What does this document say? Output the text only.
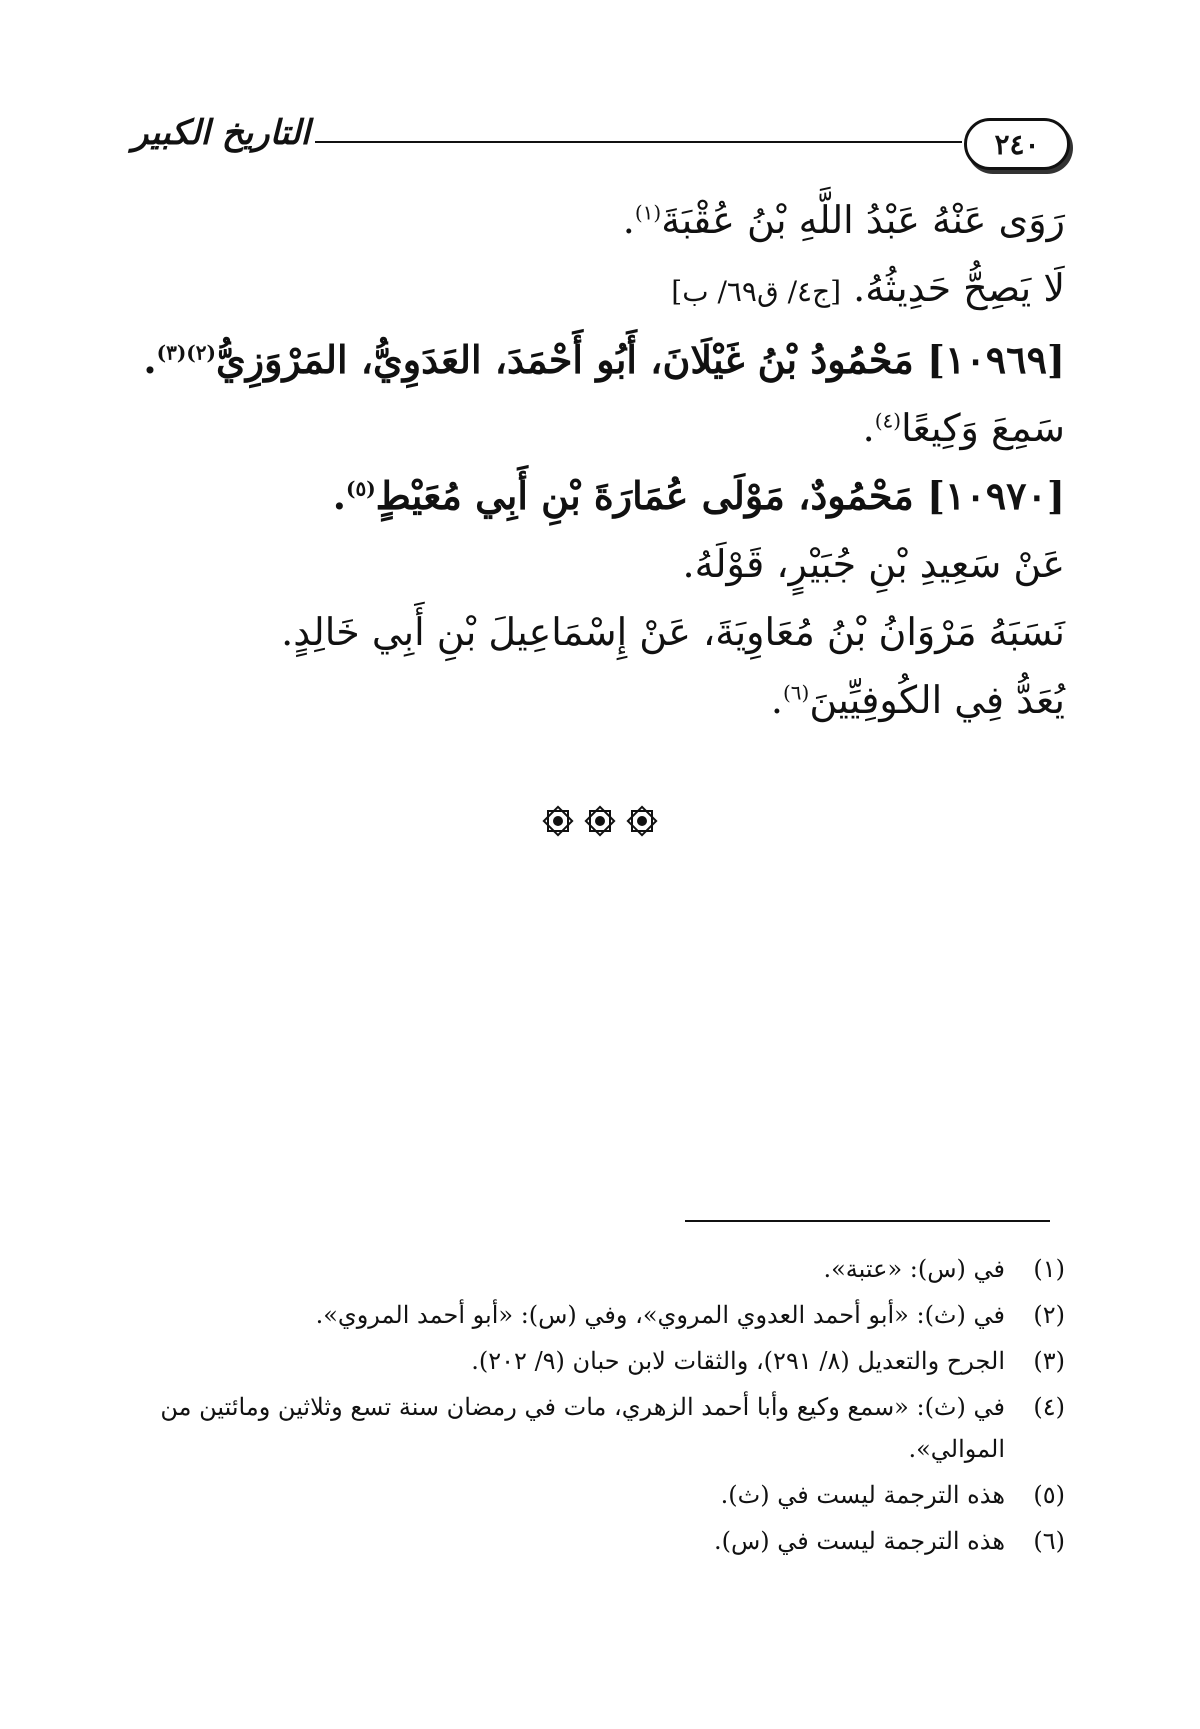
التاريخ الكبير	٢٤٠
رَوَى عَنْهُ عَبْدُ اللَّهِ بْنُ عُقْبَةَ$^{(١)}$.
لَا يَصِحُّ حَدِيثُهُ. [ج٤/ ق٦٩/ ب]
[١٠٩٦٩] مَحْمُودُ بْنُ غَيْلَانَ، أَبُو أَحْمَدَ، العَدَوِيُّ، المَرْوَزِيُّ$^{(٢)(٣)}$.
سَمِعَ وَكِيعًا$^{(٤)}$.
[١٠٩٧٠] مَحْمُودٌ، مَوْلَى عُمَارَةَ بْنِ أَبِي مُعَيْطٍ$^{(٥)}$.
عَنْ سَعِيدِ بْنِ جُبَيْرٍ، قَوْلَهُ.
نَسَبَهُ مَرْوَانُ بْنُ مُعَاوِيَةَ، عَنْ إِسْمَاعِيلَ بْنِ أَبِي خَالِدٍ.
يُعَدُّ فِي الكُوفِيِّينَ$^{(٦)}$.
(١)
في (س): «عتبة».
(٢)
في (ث): «أبو أحمد العدوي المروي»، وفي (س): «أبو أحمد المروي».
(٣)
الجرح والتعديل (٨/ ٢٩١)، والثقات لابن حبان (٩/ ٢٠٢).
(٤)
في (ث): «سمع وكيع وأبا أحمد الزهري، مات في رمضان سنة تسع وثلاثين ومائتين من الموالي».
(٥)
هذه الترجمة ليست في (ث).
(٦)
هذه الترجمة ليست في (س).
